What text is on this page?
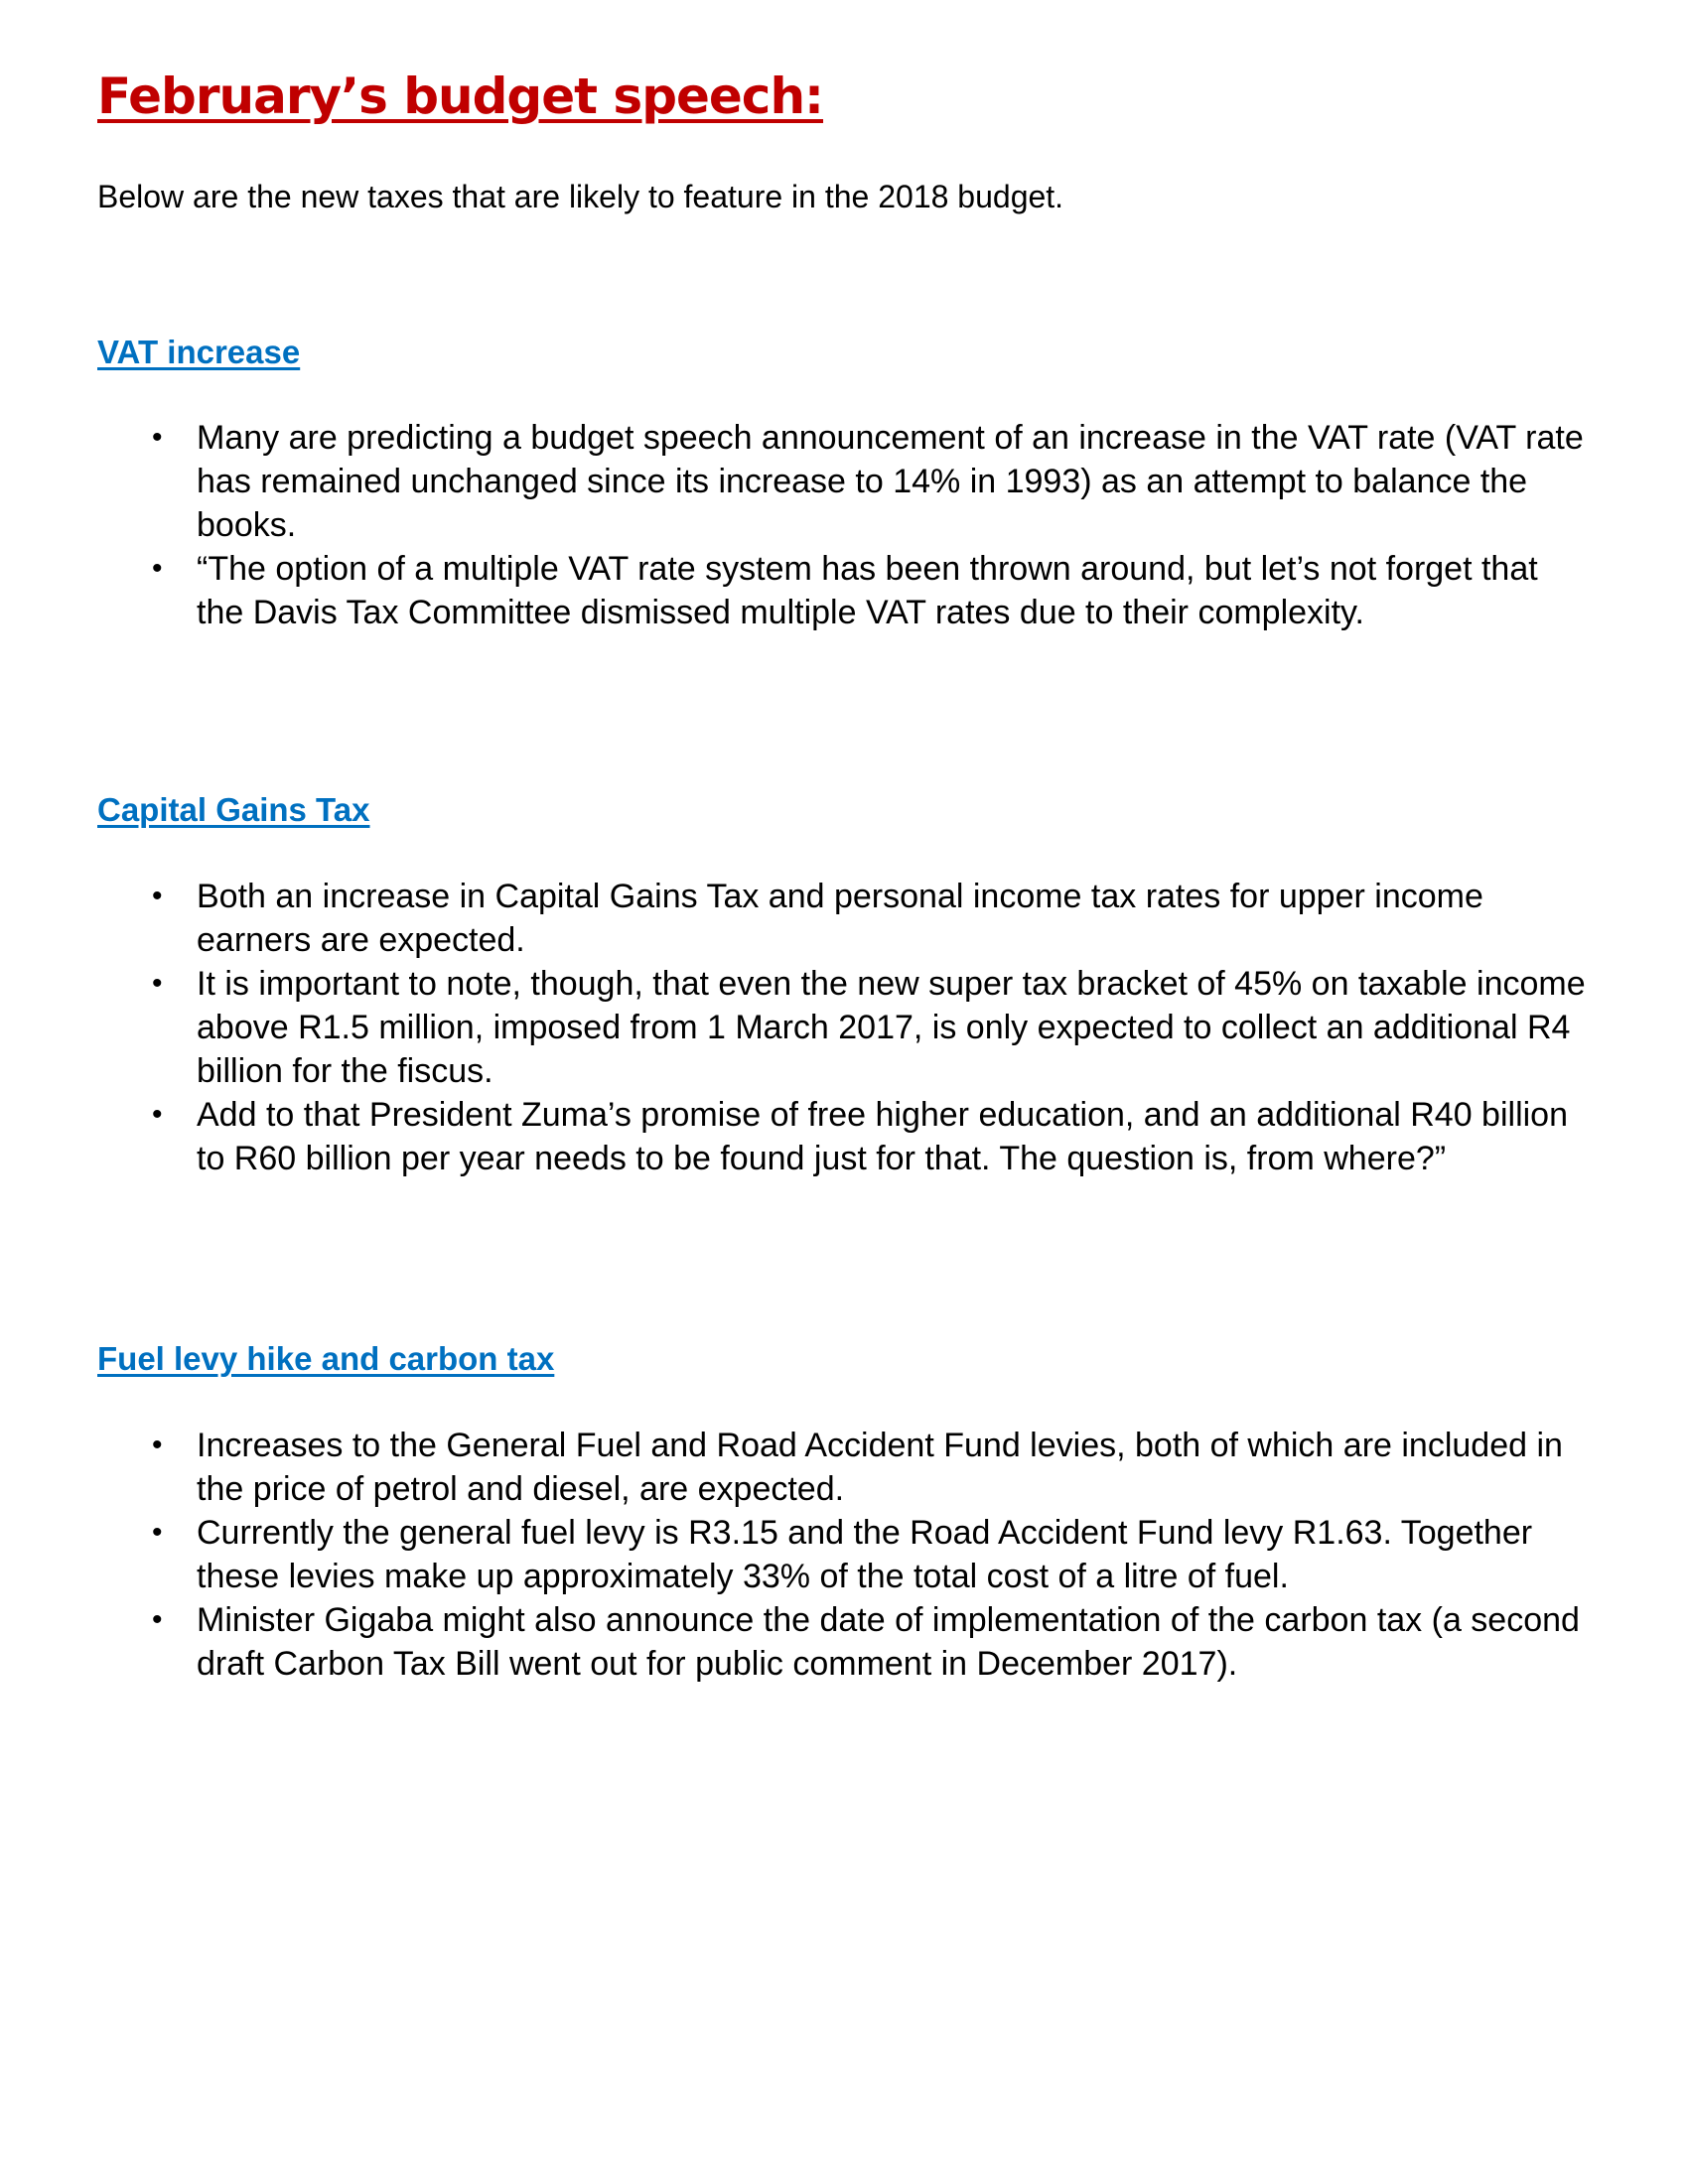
February’s budget speech:

Below are the new taxes that are likely to feature in the 2018 budget.

VAT increase
• Many are predicting a budget speech announcement of an increase in the VAT rate (VAT rate has remained unchanged since its increase to 14% in 1993) as an attempt to balance the books.
• “The option of a multiple VAT rate system has been thrown around, but let’s not forget that the Davis Tax Committee dismissed multiple VAT rates due to their complexity.
Capital Gains Tax
• Both an increase in Capital Gains Tax and personal income tax rates for upper income earners are expected.
• It is important to note, though, that even the new super tax bracket of 45% on taxable income above R1.5 million, imposed from 1 March 2017, is only expected to collect an additional R4 billion for the fiscus.
• Add to that President Zuma’s promise of free higher education, and an additional R40 billion to R60 billion per year needs to be found just for that. The question is, from where?”
Fuel levy hike and carbon tax
• Increases to the General Fuel and Road Accident Fund levies, both of which are included in the price of petrol and diesel, are expected.
• Currently the general fuel levy is R3.15 and the Road Accident Fund levy R1.63. Together these levies make up approximately 33% of the total cost of a litre of fuel.
• Minister Gigaba might also announce the date of implementation of the carbon tax (a second draft Carbon Tax Bill went out for public comment in December 2017).
